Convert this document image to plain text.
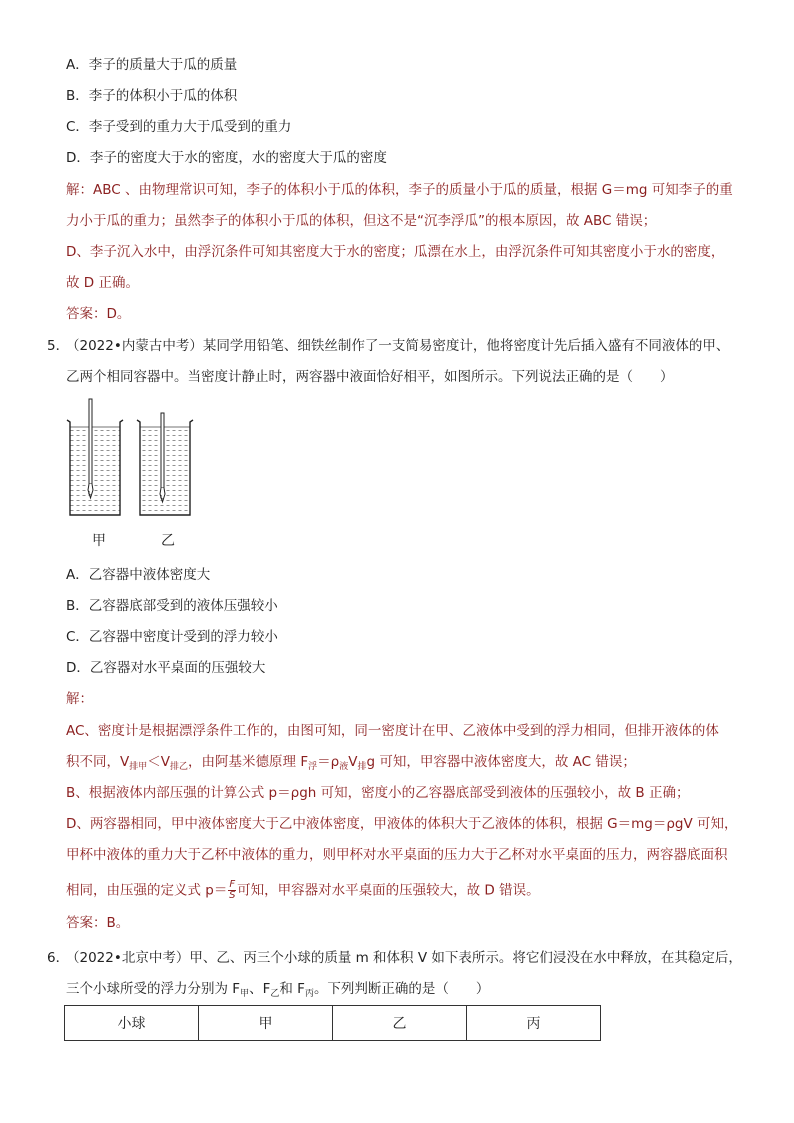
A．李子的质量大于瓜的质量
B．李子的体积小于瓜的体积
C．李子受到的重力大于瓜受到的重力
D．李子的密度大于水的密度，水的密度大于瓜的密度
解：ABC 、由物理常识可知，李子的体积小于瓜的体积，李子的质量小于瓜的质量，根据 G＝mg 可知李子的重
力小于瓜的重力；虽然李子的体积小于瓜的体积，但这不是“沉李浮瓜”的根本原因，故 ABC 错误；
D、李子沉入水中，由浮沉条件可知其密度大于水的密度；瓜漂在水上，由浮沉条件可知其密度小于水的密度，
故 D 正确。
答案：D。
5．
（2022•内蒙古中考）某同学用铅笔、细铁丝制作了一支简易密度计，他将密度计先后插入盛有不同液体的甲、
乙两个相同容器中。当密度计静止时，两容器中液面恰好相平，如图所示。下列说法正确的是（　　）
甲	乙
A．乙容器中液体密度大
B．乙容器底部受到的液体压强较小
C．乙容器中密度计受到的浮力较小
D．乙容器对水平桌面的压强较大
解：
AC、密度计是根据漂浮条件工作的，由图可知，同一密度计在甲、乙液体中受到的浮力相同，但排开液体的体
积不同，$V_{排甲}<V_{排乙}$，由阿基米德原理 $F_浮=\rho_液V_排g$ 可知，甲容器中液体密度大，故 AC 错误；
B、根据液体内部压强的计算公式 p＝ρgh 可知，密度小的乙容器底部受到液体的压强较小，故 B 正确；
D、两容器相同，甲中液体密度大于乙中液体密度，甲液体的体积大于乙液体的体积，根据 G＝mg＝ρgV 可知，
甲杯中液体的重力大于乙杯中液体的重力，则甲杯对水平桌面的压力大于乙杯对水平桌面的压力，两容器底面积
相同，由压强的定义式 $p= \frac{F}{S}$ 可知，甲容器对水平桌面的压强较大，故 D 错误。
答案：B。
6．
（2022•北京中考）甲、乙、丙三个小球的质量 m 和体积 V 如下表所示。将它们浸没在水中释放，在其稳定后，
三个小球所受的浮力分别为 $F_甲$、$F_乙$和 $F_丙$。下列判断正确的是（　　）
小球	甲	乙	丙
